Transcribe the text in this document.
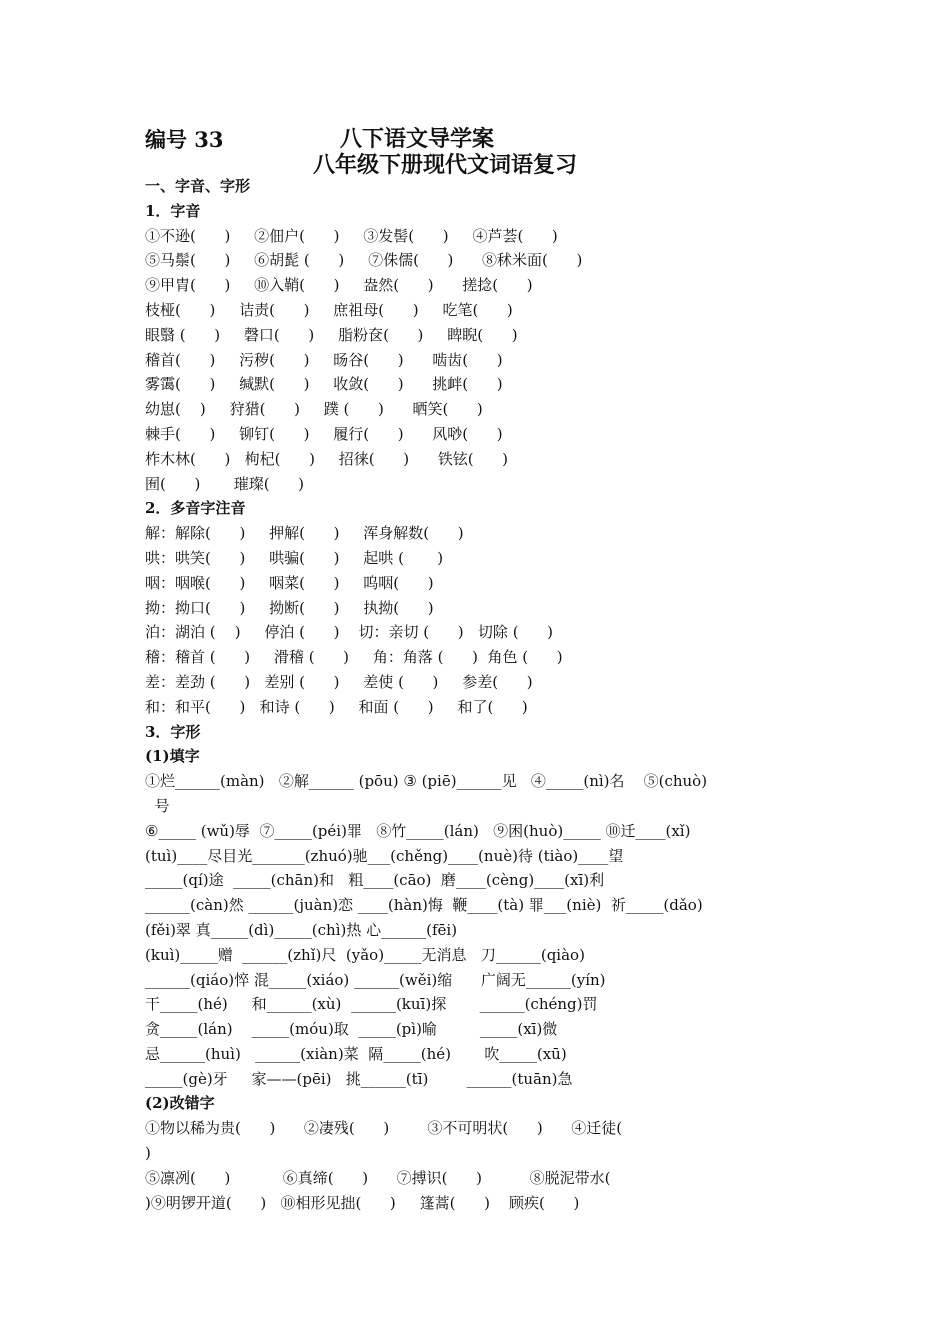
编号 33	八下语文导学案
八年级下册现代文词语复习
一、字音、字形
1．字音
①不逊(      )     ②佃户(      )     ③发髻(      )     ④芦荟(      )
⑤马鬃(      )     ⑥胡髭 (      )     ⑦侏儒(      )      ⑧秫米面(      )
⑨甲胄(      )     ⑩入鞘(      )     盎然(      )      搓捻(      )
枝桠(      )     诘责(      )     庶祖母(      )     吃笔(      )
眼翳 (      )     磬口(      )     脂粉奁(      )     睥睨(      )
稽首(      )     污秽(      )     旸谷(      )      啮齿(      )
雾霭(      )     缄默(      )     收敛(      )      挑衅(      )
幼崽(    )     狩猎(      )     蹼 (      )      晒笑(      )
棘手(      )     铆钉(      )     履行(      )      风唦(      )
柞木林(      )   枸杞(      )     招徕(      )      铁铉(      )
囿(      )       璀璨(      )
2．多音字注音
解：解除(      )     押解(      )     浑身解数(      )
哄：哄笑(      )     哄骗(      )     起哄 (       )
咽：咽喉(      )     咽菜(      )     呜咽(      )
拗：拗口(      )     拗断(      )     执拗(      )
泊：湖泊 (    )     停泊 (      )    切：亲切 (      )   切除 (      )
稽：稽首 (      )     滑稽 (      )     角：角落 (      )  角色 (      )
差：差劲 (      )   差别 (      )     差使 (      )     参差(      )
和：和平(      )   和诗 (      )     和面 (      )     和了(      )
3．字形
(1)填字
①烂______(màn)   ②解______ (pōu) ③ (piē)______见   ④_____(nì)名    ⑤(chuò)
号
⑥_____ (wǔ)辱  ⑦_____(péi)罪   ⑧竹_____(lán)   ⑨困(huò)_____ ⑩迁____(xǐ)
(tuì)____尽目光_______(zhuó)驰___(chěng)____(nuè)待 (tiào)____望
_____(qí)途  _____(chān)和   粗____(cāo)  磨____(cèng)____(xī)利
______(càn)然 ______(juàn)恋 ____(hàn)悔  鞭____(tà) 罪___(niè)  祈_____(dǎo)
(fěi)翠 真_____(dì)_____(chì)热 心______(fēi)
(kuì)_____赠  ______(zhǐ)尺  (yǎo)_____无消息   刀______(qiào)
______(qiáo)悴 混_____(xiáo) ______(wěi)缩      广阔无______(yín)
干_____(hé)     和______(xù)  ______(kuī)探       ______(chéng)罚
贪_____(lán)    _____(móu)取  _____(pì)喻         _____(xī)微
忌______(huì)   ______(xiàn)菜  隔_____(hé)       吹_____(xū)
_____(gè)牙     家——(pēi)   挑______(tī)        ______(tuān)急
(2)改错字
①物以稀为贵(      )      ②凄残(      )        ③不可明状(      )      ④迁徒(
)
⑤凛冽(      )           ⑥真缔(      )      ⑦搏识(      )          ⑧脱泥带水(
)⑨明锣开道(      )   ⑩相形见拙(      )     篷蒿(      )    顾疾(      )
